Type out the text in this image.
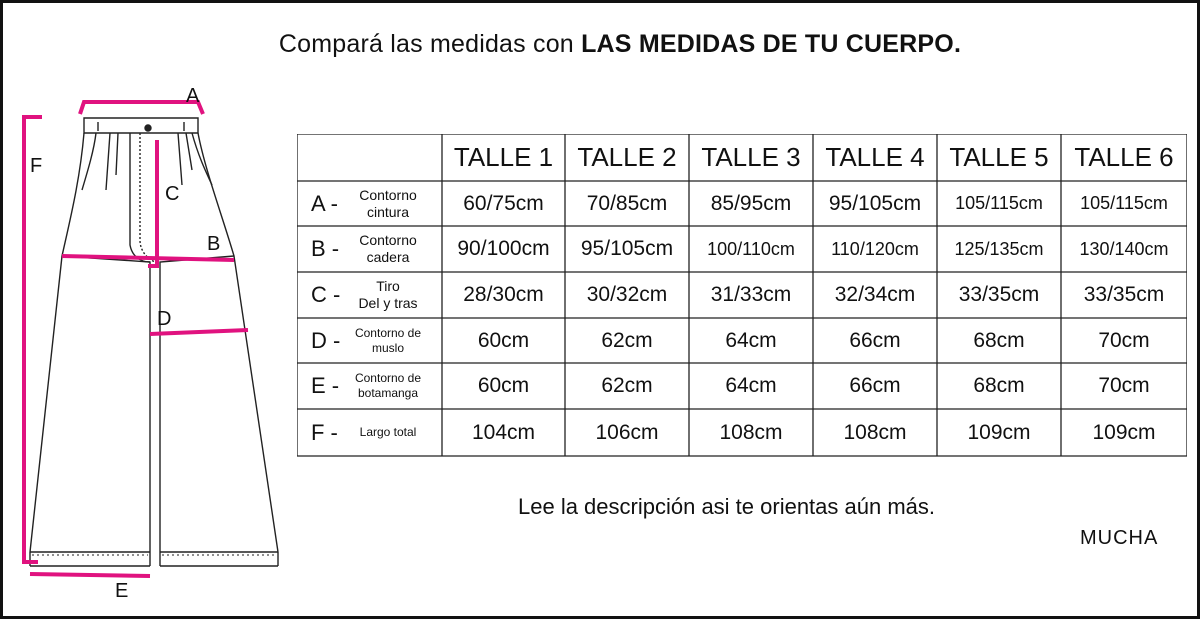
Compará las medidas con LAS MEDIDAS DE TU CUERPO.
A
F
C
B
D
E
TALLE 1 TALLE 2 TALLE 3 TALLE 4 TALLE 5 TALLE 6
A -	Contorno
cintura	60/75cm	70/85cm	85/95cm	95/105cm	105/115cm	105/115cm
B -	Contorno
cadera	90/100cm	95/105cm	100/110cm	110/120cm	125/135cm	130/140cm
C -	Tiro
Del y tras	28/30cm	30/32cm	31/33cm	32/34cm	33/35cm	33/35cm
D -	Contorno de
muslo	60cm	62cm	64cm	66cm	68cm	70cm
E -	Contorno de
botamanga	60cm	62cm	64cm	66cm	68cm	70cm
F -	Largo total	104cm	106cm	108cm	108cm	109cm	109cm
Lee la descripción asi te orientas aún más.
MUCHA
